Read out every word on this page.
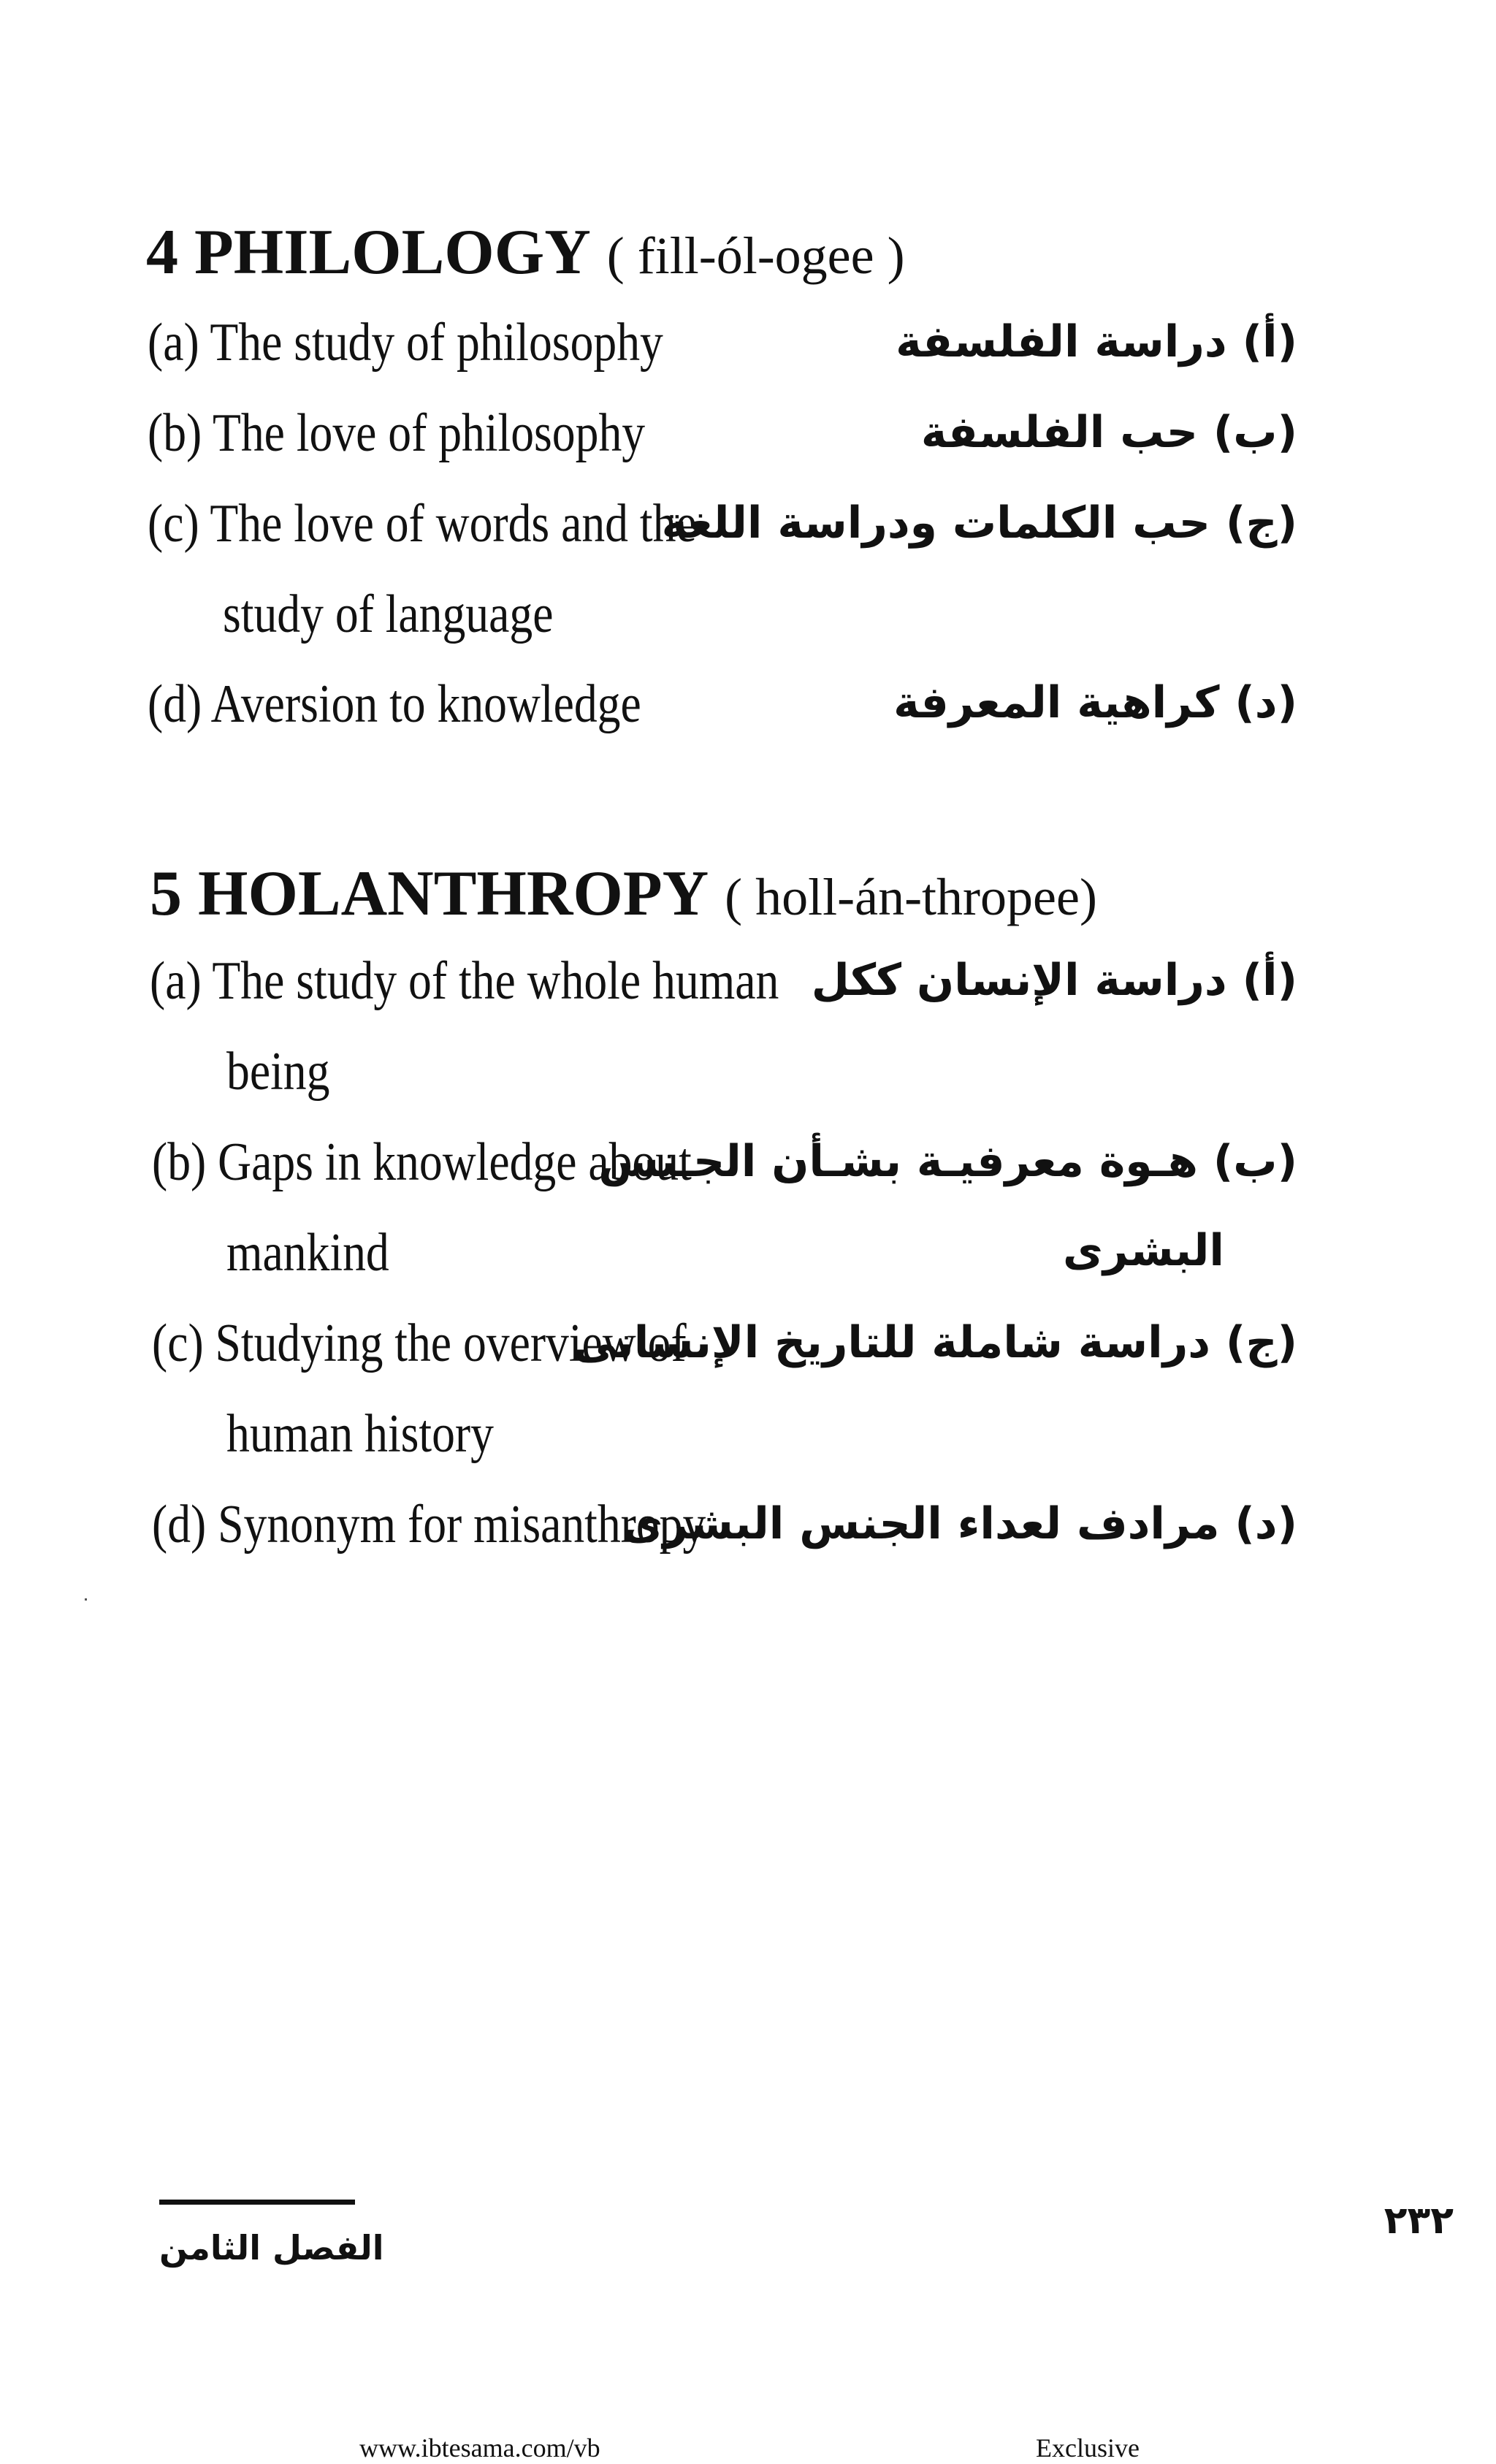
4 PHILOLOGY ( fill-ól-ogee )
(a) The study of philosophy
(b) The love of philosophy
(c) The love of words and the
study of language
(d) Aversion to knowledge
(أ) دراسة الفلسفة
(ب) حب الفلسفة
(ج) حب الكلمات ودراسة اللغة
(د) كراهية المعرفة
5 HOLANTHROPY ( holl-án-thropee)
(a) The study of the whole human
being
(b) Gaps in knowledge about
mankind
(c) Studying the overview of
human history
(d) Synonym for misanthropy
(أ) دراسة الإنسان ككل
(ب) هـوة معرفيـة بشـأن الجـنس
البشرى
(ج) دراسة شاملة للتاريخ الإنسانى
(د) مرادف لعداء الجنس البشرى
الفصل الثامن
٢٣٢
www.ibtesama.com/vb	Exclusive
